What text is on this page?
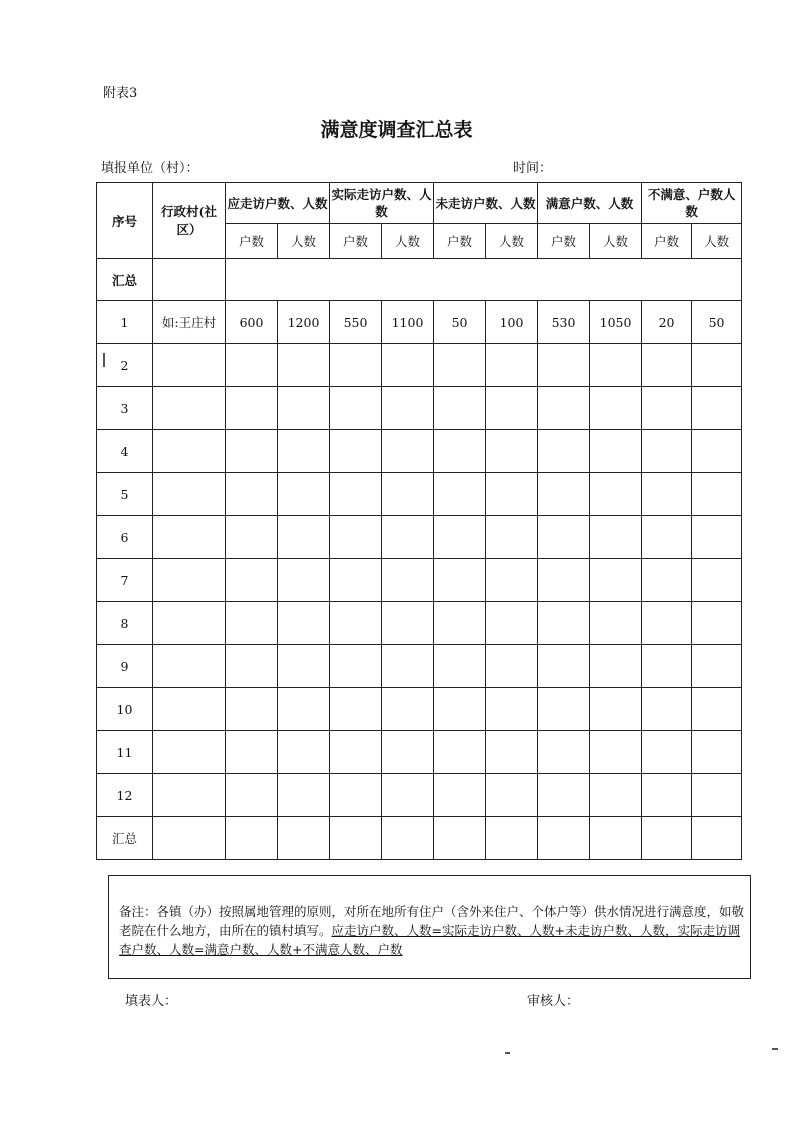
附表3
满意度调查汇总表
填报单位（村）：	时间：
序号	行政村(社区）	应走访户数、人数		实际走访户数、人数		未走访户数、人数		满意户数、人数		不满意、户数人数	
		户数	人数	户数	人数	户数	人数	户数	人数	户数	人数
汇总											
1	如:王庄村	600	1200	550	1100	50	100	530	1050	20	50
2											
3											
4											
5											
6											
7											
8											
9											
10											
11											
12											
汇总											
备注：各镇（办）按照属地管理的原则，对所在地所有住户（含外来住户、个体户等）供水情况进行满意度，如敬老院在什么地方，由所在的镇村填写。应走访户数、人数=实际走访户数、人数+未走访户数、人数，实际走访调查户数、人数=满意户数、人数+不满意人数、户数
填表人：	审核人：
